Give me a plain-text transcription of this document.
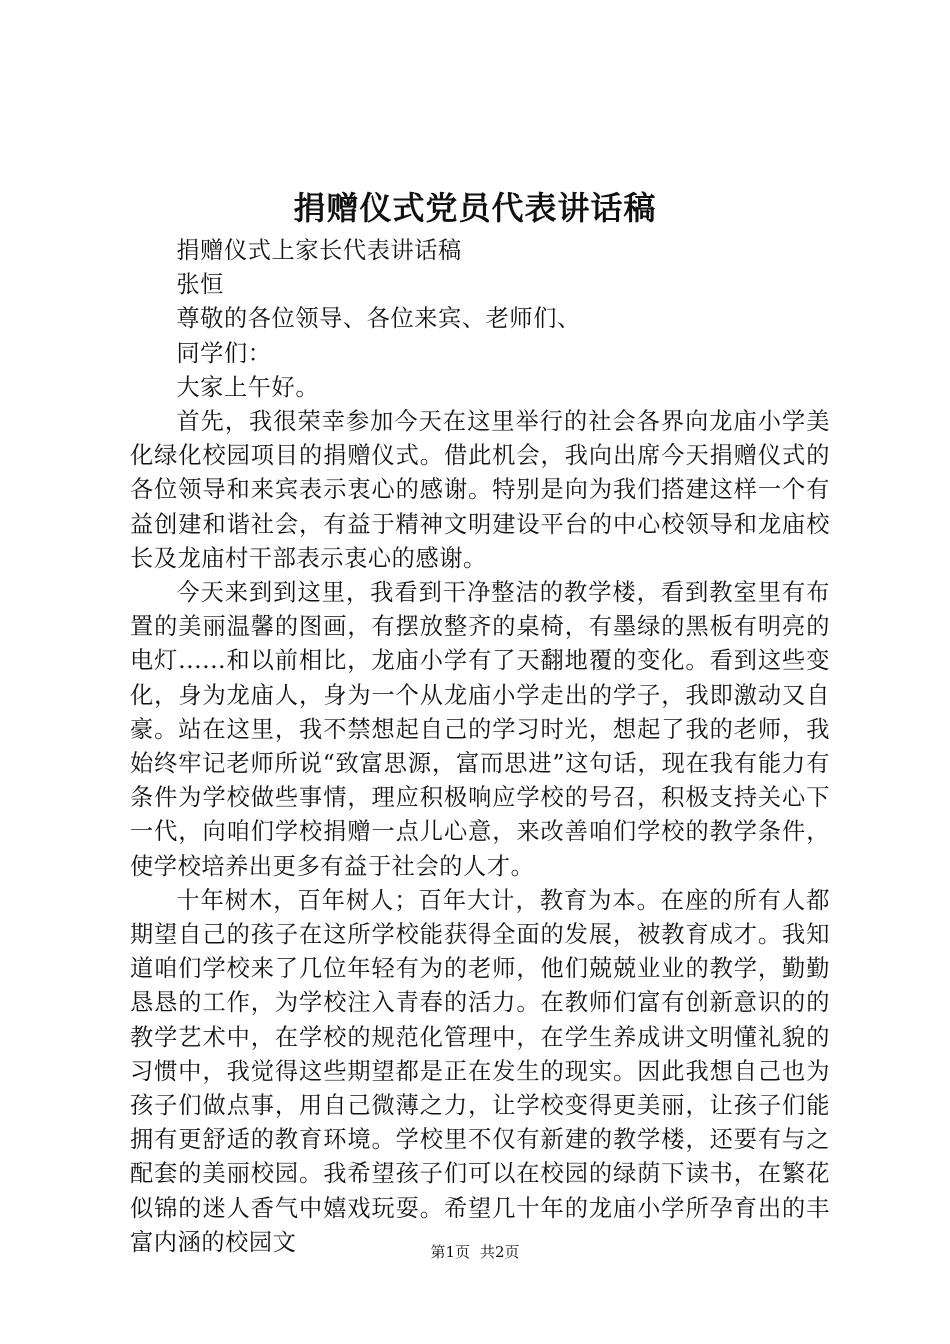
捐赠仪式党员代表讲话稿

捐赠仪式上家长代表讲话稿

张恒

尊敬的各位领导、各位来宾、老师们、

同学们：

大家上午好。

首先，我很荣幸参加今天在这里举行的社会各界向龙庙小学美化绿化校园项目的捐赠仪式。借此机会，我向出席今天捐赠仪式的各位领导和来宾表示衷心的感谢。特别是向为我们搭建这样一个有益创建和谐社会，有益于精神文明建设平台的中心校领导和龙庙校长及龙庙村干部表示衷心的感谢。

今天来到到这里，我看到干净整洁的教学楼，看到教室里有布置的美丽温馨的图画，有摆放整齐的桌椅，有墨绿的黑板有明亮的电灯......和以前相比，龙庙小学有了天翻地覆的变化。看到这些变化，身为龙庙人，身为一个从龙庙小学走出的学子，我即激动又自豪。站在这里，我不禁想起自己的学习时光，想起了我的老师，我始终牢记老师所说“致富思源，富而思进”这句话，现在我有能力有条件为学校做些事情，理应积极响应学校的号召，积极支持关心下一代，向咱们学校捐赠一点儿心意，来改善咱们学校的教学条件，使学校培养出更多有益于社会的人才。

十年树木，百年树人；百年大计，教育为本。在座的所有人都期望自己的孩子在这所学校能获得全面的发展，被教育成才。我知道咱们学校来了几位年轻有为的老师，他们兢兢业业的教学，勤勤恳恳的工作，为学校注入青春的活力。在教师们富有创新意识的的教学艺术中，在学校的规范化管理中，在学生养成讲文明懂礼貌的习惯中，我觉得这些期望都是正在发生的现实。因此我想自己也为孩子们做点事，用自己微薄之力，让学校变得更美丽，让孩子们能拥有更舒适的教育环境。学校里不仅有新建的教学楼，还要有与之配套的美丽校园。我希望孩子们可以在校园的绿荫下读书，在繁花似锦的迷人香气中嬉戏玩耍。希望几十年的龙庙小学所孕育出的丰富内涵的校园文	第1页 共2页
